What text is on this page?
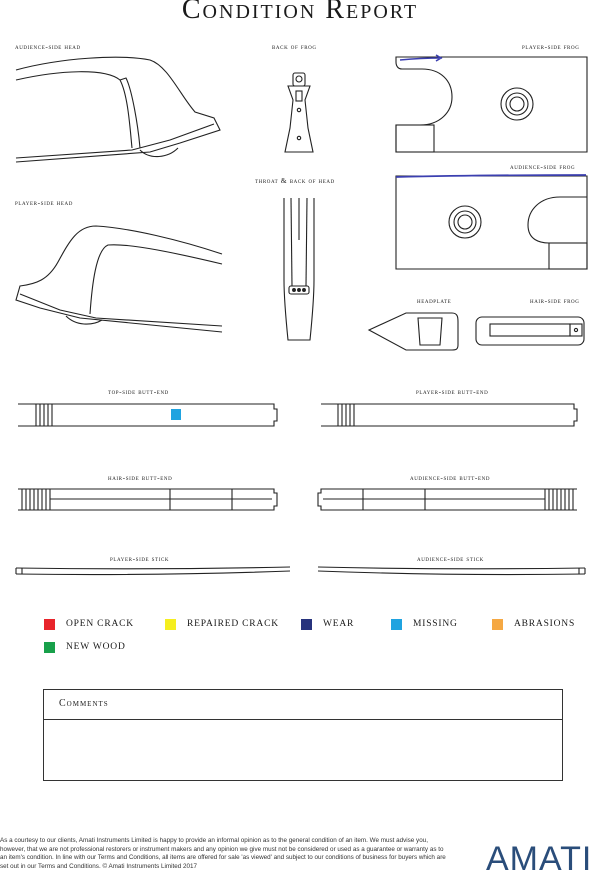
Condition Report
audience-side head	back of frog	player-side frog
player-side head
throat & back of head
audience-side frog
headplate	hair-side frog
top-side butt-end	player-side butt-end
hair-side butt-end	audience-side butt-end
player-side stick	audience-side stick
OPEN CRACK	REPAIRED CRACK	WEAR	MISSING	ABRASIONS
NEW WOOD
Comments
As a courtesy to our clients, Amati Instruments Limited is happy to provide an informal opinion as to the general condition of an item. We must advise you, however, that we are not professional restorers or instrument makers and any opinion we give must not be considered or used as a guarantee or warranty as to an item's condition. In line with our Terms and Conditions, all items are offered for sale 'as viewed' and subject to our conditions of business for buyers which are set out in our Terms and Conditions. © Amati Instruments Limited 2017	AMATI
